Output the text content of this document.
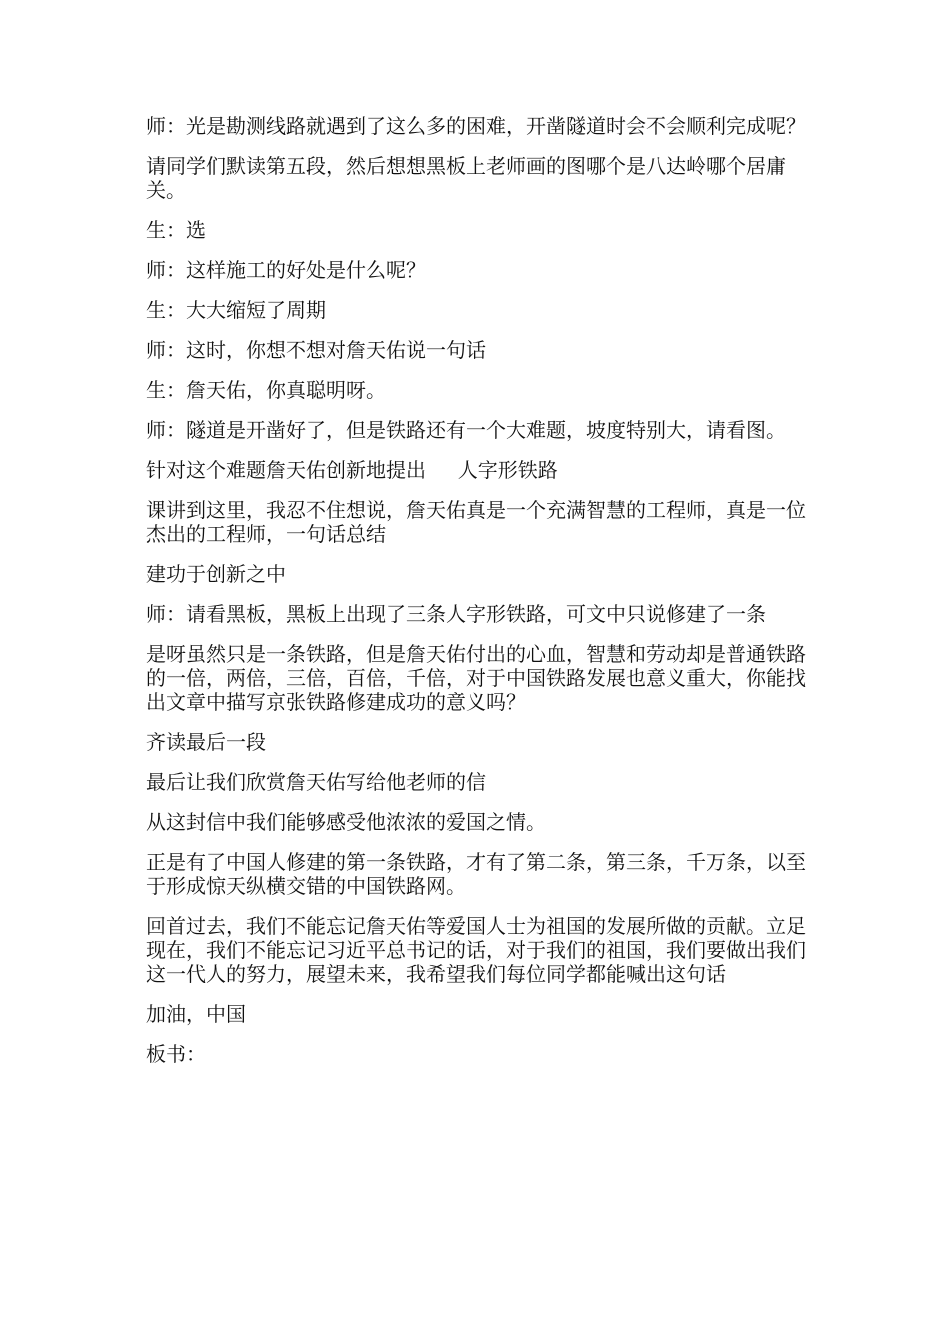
师：光是勘测线路就遇到了这么多的困难，开凿隧道时会不会顺利完成呢？

请同学们默读第五段，然后想想黑板上老师画的图哪个是八达岭哪个居庸关。

生：选

师：这样施工的好处是什么呢？

生：大大缩短了周期

师：这时，你想不想对詹天佑说一句话

生：詹天佑，你真聪明呀。

师：隧道是开凿好了，但是铁路还有一个大难题，坡度特别大，请看图。

针对这个难题詹天佑创新地提出     人字形铁路

课讲到这里，我忍不住想说，詹天佑真是一个充满智慧的工程师，真是一位杰出的工程师，一句话总结

建功于创新之中

师：请看黑板，黑板上出现了三条人字形铁路，可文中只说修建了一条

是呀虽然只是一条铁路，但是詹天佑付出的心血，智慧和劳动却是普通铁路的一倍，两倍，三倍，百倍，千倍，对于中国铁路发展也意义重大，你能找出文章中描写京张铁路修建成功的意义吗？

齐读最后一段

最后让我们欣赏詹天佑写给他老师的信

从这封信中我们能够感受他浓浓的爱国之情。

正是有了中国人修建的第一条铁路，才有了第二条，第三条，千万条，以至于形成惊天纵横交错的中国铁路网。

回首过去，我们不能忘记詹天佑等爱国人士为祖国的发展所做的贡献。立足现在，我们不能忘记习近平总书记的话，对于我们的祖国，我们要做出我们这一代人的努力，展望未来，我希望我们每位同学都能喊出这句话

加油，中国

板书：
